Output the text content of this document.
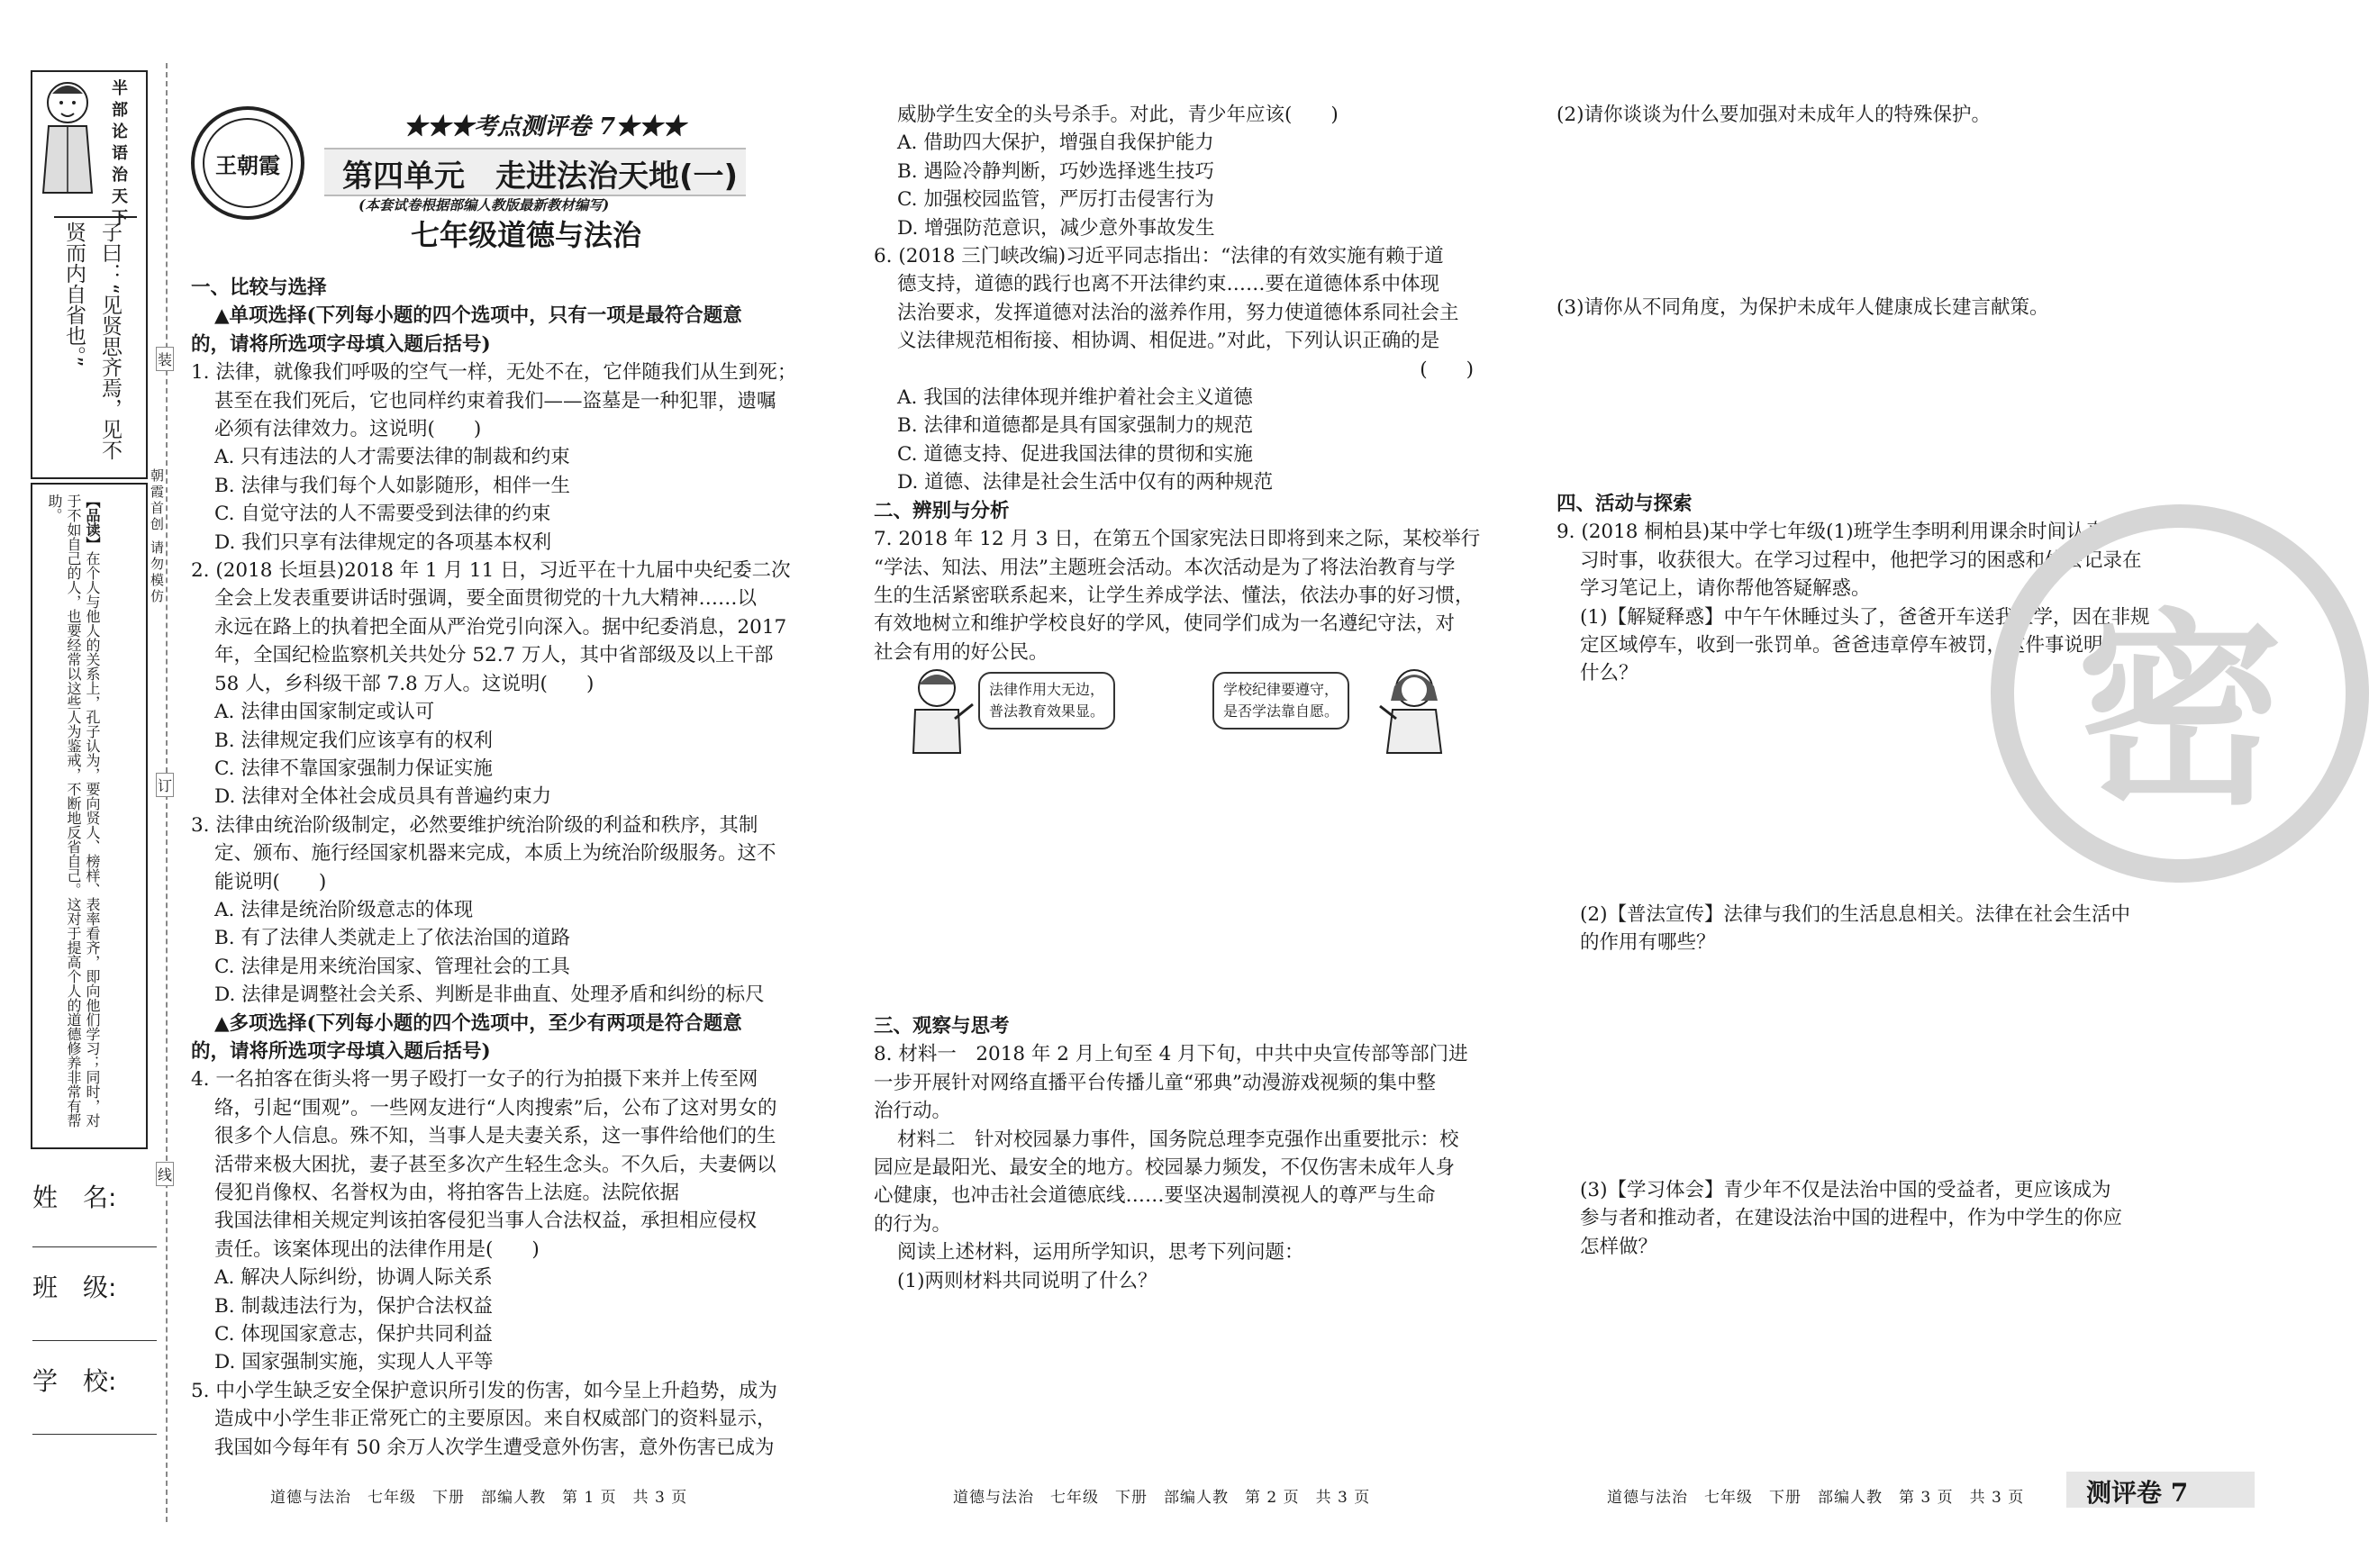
半部论语治天下
子曰：“见贤思齐焉，见不贤而内自省也。”
【品读】在个人与他人的关系上，孔子认为，要向贤人、榜样、表率看齐，即向他们学习；同时，对于不如自己的人，也要经常以这些人为鉴戒，不断地反省自己。这对于提高个人的道德修养非常有帮助。	朝霞首创 请勿模仿
装
订
线
姓　名:
班　级:
学　校:
王朝霞
★★★考点测评卷 7★★★
第四单元　走进法治天地(一)
(本套试卷根据部编人教版最新教材编写)
七年级道德与法治

一、比较与选择

▲单项选择(下列每小题的四个选项中，只有一项是最符合题意

的，请将所选项字母填入题后括号)

1. 法律，就像我们呼吸的空气一样，无处不在，它伴随我们从生到死；

甚至在我们死后，它也同样约束着我们——盗墓是一种犯罪，遗嘱

必须有法律效力。这说明(　　)

A. 只有违法的人才需要法律的制裁和约束

B. 法律与我们每个人如影随形，相伴一生

C. 自觉守法的人不需要受到法律的约束

D. 我们只享有法律规定的各项基本权利

2. (2018 长垣县)2018 年 1 月 11 日，习近平在十九届中央纪委二次

全会上发表重要讲话时强调，要全面贯彻党的十九大精神……以

永远在路上的执着把全面从严治党引向深入。据中纪委消息，2017

年，全国纪检监察机关共处分 52.7 万人，其中省部级及以上干部

58 人，乡科级干部 7.8 万人。这说明(　　)

A. 法律由国家制定或认可

B. 法律规定我们应该享有的权利

C. 法律不靠国家强制力保证实施

D. 法律对全体社会成员具有普遍约束力

3. 法律由统治阶级制定，必然要维护统治阶级的利益和秩序，其制

定、颁布、施行经国家机器来完成，本质上为统治阶级服务。这不

能说明(　　)

A. 法律是统治阶级意志的体现

B. 有了法律人类就走上了依法治国的道路

C. 法律是用来统治国家、管理社会的工具

D. 法律是调整社会关系、判断是非曲直、处理矛盾和纠纷的标尺

▲多项选择(下列每小题的四个选项中，至少有两项是符合题意

的，请将所选项字母填入题后括号)

4. 一名拍客在街头将一男子殴打一女子的行为拍摄下来并上传至网

络，引起“围观”。一些网友进行“人肉搜索”后，公布了这对男女的

很多个人信息。殊不知，当事人是夫妻关系，这一事件给他们的生

活带来极大困扰，妻子甚至多次产生轻生念头。不久后，夫妻俩以

侵犯肖像权、名誉权为由，将拍客告上法庭。法院依据

我国法律相关规定判该拍客侵犯当事人合法权益，承担相应侵权

责任。该案体现出的法律作用是(　　)

A. 解决人际纠纷，协调人际关系

B. 制裁违法行为，保护合法权益

C. 体现国家意志，保护共同利益

D. 国家强制实施，实现人人平等

5. 中小学生缺乏安全保护意识所引发的伤害，如今呈上升趋势，成为

造成中小学生非正常死亡的主要原因。来自权威部门的资料显示，

我国如今每年有 50 余万人次学生遭受意外伤害，意外伤害已成为

威胁学生安全的头号杀手。对此，青少年应该(　　)

A. 借助四大保护，增强自我保护能力

B. 遇险冷静判断，巧妙选择逃生技巧

C. 加强校园监管，严厉打击侵害行为

D. 增强防范意识，减少意外事故发生

6. (2018 三门峡改编)习近平同志指出：“法律的有效实施有赖于道

德支持，道德的践行也离不开法律约束……要在道德体系中体现

法治要求，发挥道德对法治的滋养作用，努力使道德体系同社会主

义法律规范相衔接、相协调、相促进。”对此，下列认识正确的是

(　　)

A. 我国的法律体现并维护着社会主义道德

B. 法律和道德都是具有国家强制力的规范

C. 道德支持、促进我国法律的贯彻和实施

D. 道德、法律是社会生活中仅有的两种规范

二、辨别与分析

7. 2018 年 12 月 3 日，在第五个国家宪法日即将到来之际，某校举行

“学法、知法、用法”主题班会活动。本次活动是为了将法治教育与学

生的生活紧密联系起来，让学生养成学法、懂法，依法办事的好习惯，

有效地树立和维护学校良好的学风，使同学们成为一名遵纪守法，对

社会有用的好公民。

法律作用大无边，
普法教育效果显。
学校纪律要遵守，
是否学法靠自愿。

三、观察与思考

8. 材料一　2018 年 2 月上旬至 4 月下旬，中共中央宣传部等部门进

一步开展针对网络直播平台传播儿童“邪典”动漫游戏视频的集中整

治行动。

材料二　针对校园暴力事件，国务院总理李克强作出重要批示：校

园应是最阳光、最安全的地方。校园暴力频发，不仅伤害未成年人身

心健康，也冲击社会道德底线……要坚决遏制漠视人的尊严与生命

的行为。

阅读上述材料，运用所学知识，思考下列问题：

(1)两则材料共同说明了什么？

(2)请你谈谈为什么要加强对未成年人的特殊保护。

(3)请你从不同角度，为保护未成年人健康成长建言献策。

四、活动与探索

9. (2018 桐柏县)某中学七年级(1)班学生李明利用课余时间认真学

习时事，收获很大。在学习过程中，他把学习的困惑和体会记录在

学习笔记上，请你帮他答疑解惑。

(1)【解疑释惑】中午午休睡过头了，爸爸开车送我上学，因在非规

定区域停车，收到一张罚单。爸爸违章停车被罚，这件事说明了

什么？

(2)【普法宣传】法律与我们的生活息息相关。法律在社会生活中

的作用有哪些？

(3)【学习体会】青少年不仅是法治中国的受益者，更应该成为

参与者和推动者，在建设法治中国的进程中，作为中学生的你应

怎样做？

密
道德与法治　七年级　下册　部编人教　第 1 页　共 3 页	道德与法治　七年级　下册　部编人教　第 2 页　共 3 页	道德与法治　七年级　下册　部编人教　第 3 页　共 3 页 测评卷 7
